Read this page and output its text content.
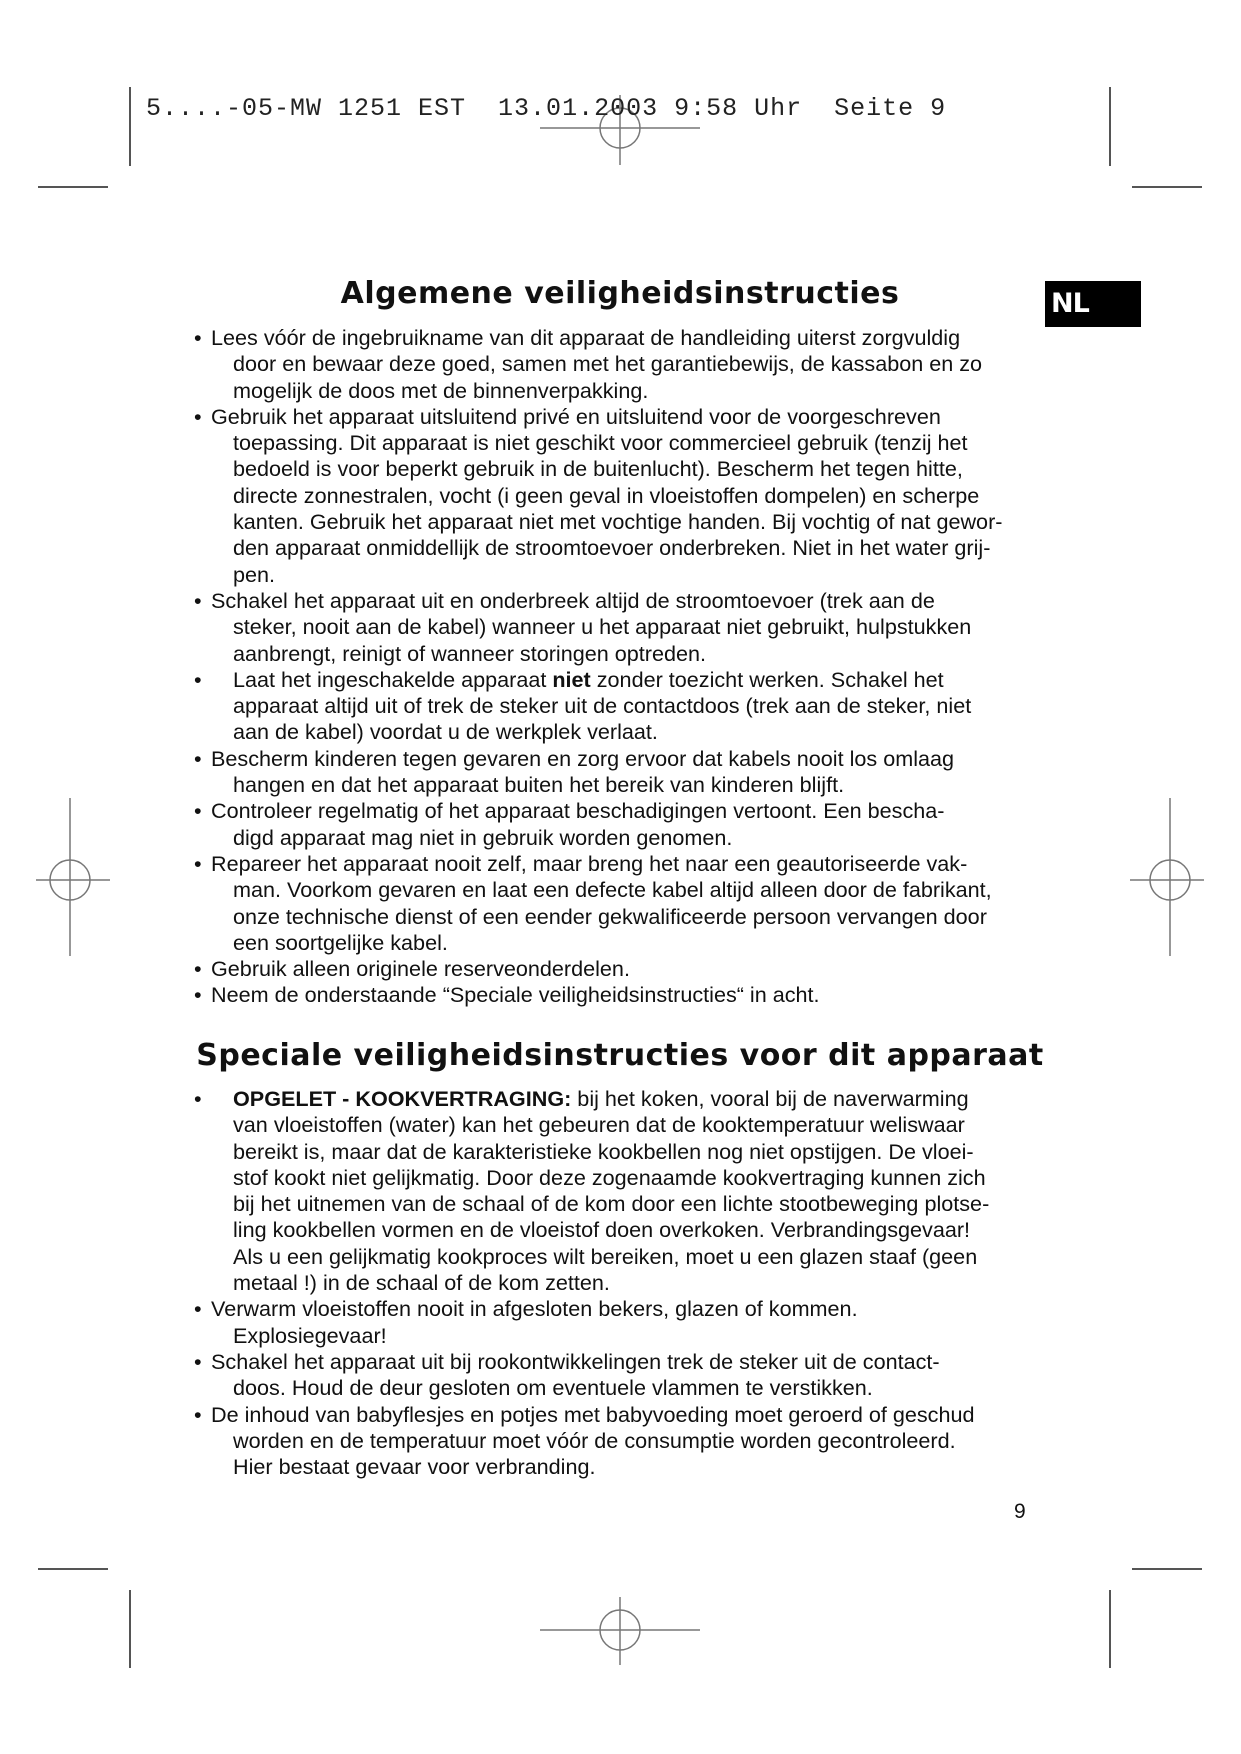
5....-05-MW 1251 EST  13.01.2003 9:58 Uhr  Seite 9

NL
Algemene veiligheidsinstructies
• Lees vóór de ingebruikname van dit apparaat de handleiding uiterst zorgvuldig

door en bewaar deze goed, samen met het garantiebewijs, de kassabon en zo
mogelijk de doos met de binnenverpakking.
• Gebruik het apparaat uitsluitend privé en uitsluitend voor de voorgeschreven

toepassing. Dit apparaat is niet geschikt voor commercieel gebruik (tenzij het
bedoeld is voor beperkt gebruik in de buitenlucht). Bescherm het tegen hitte,
directe zonnestralen, vocht (i geen geval in vloeistoffen dompelen) en scherpe
kanten. Gebruik het apparaat niet met vochtige handen. Bij vochtig of nat gewor-
den apparaat onmiddellijk de stroomtoevoer onderbreken. Niet in het water grij-
pen.
• Schakel het apparaat uit en onderbreek altijd de stroomtoevoer (trek aan de

steker, nooit aan de kabel) wanneer u het apparaat niet gebruikt, hulpstukken
aanbrengt, reinigt of wanneer storingen optreden.
• Laat het ingeschakelde apparaat niet zonder toezicht werken. Schakel het

apparaat altijd uit of trek de steker uit de contactdoos (trek aan de steker, niet
aan de kabel) voordat u de werkplek verlaat.
• Bescherm kinderen tegen gevaren en zorg ervoor dat kabels nooit los omlaag

hangen en dat het apparaat buiten het bereik van kinderen blijft.
• Controleer regelmatig of het apparaat beschadigingen vertoont. Een bescha-

digd apparaat mag niet in gebruik worden genomen.
• Repareer het apparaat nooit zelf, maar breng het naar een geautoriseerde vak-

man. Voorkom gevaren en laat een defecte kabel altijd alleen door de fabrikant,
onze technische dienst of een eender gekwalificeerde persoon vervangen door
een soortgelijke kabel.
• Gebruik alleen originele reserveonderdelen.

• Neem de onderstaande “Speciale veiligheidsinstructies“ in acht.

Speciale veiligheidsinstructies voor dit apparaat
• OPGELET - KOOKVERTRAGING: bij het koken, vooral bij de naverwarming

van vloeistoffen (water) kan het gebeuren dat de kooktemperatuur weliswaar
bereikt is, maar dat de karakteristieke kookbellen nog niet opstijgen. De vloei-
stof kookt niet gelijkmatig. Door deze zogenaamde kookvertraging kunnen zich
bij het uitnemen van de schaal of de kom door een lichte stootbeweging plotse-
ling kookbellen vormen en de vloeistof doen overkoken. Verbrandingsgevaar!
Als u een gelijkmatig kookproces wilt bereiken, moet u een glazen staaf (geen
metaal !) in de schaal of de kom zetten.
• Verwarm vloeistoffen nooit in afgesloten bekers, glazen of kommen.

Explosiegevaar!
• Schakel het apparaat uit bij rookontwikkelingen trek de steker uit de contact-

doos. Houd de deur gesloten om eventuele vlammen te verstikken.
• De inhoud van babyflesjes en potjes met babyvoeding moet geroerd of geschud

worden en de temperatuur moet vóór de consumptie worden gecontroleerd.
Hier bestaat gevaar voor verbranding.
9
